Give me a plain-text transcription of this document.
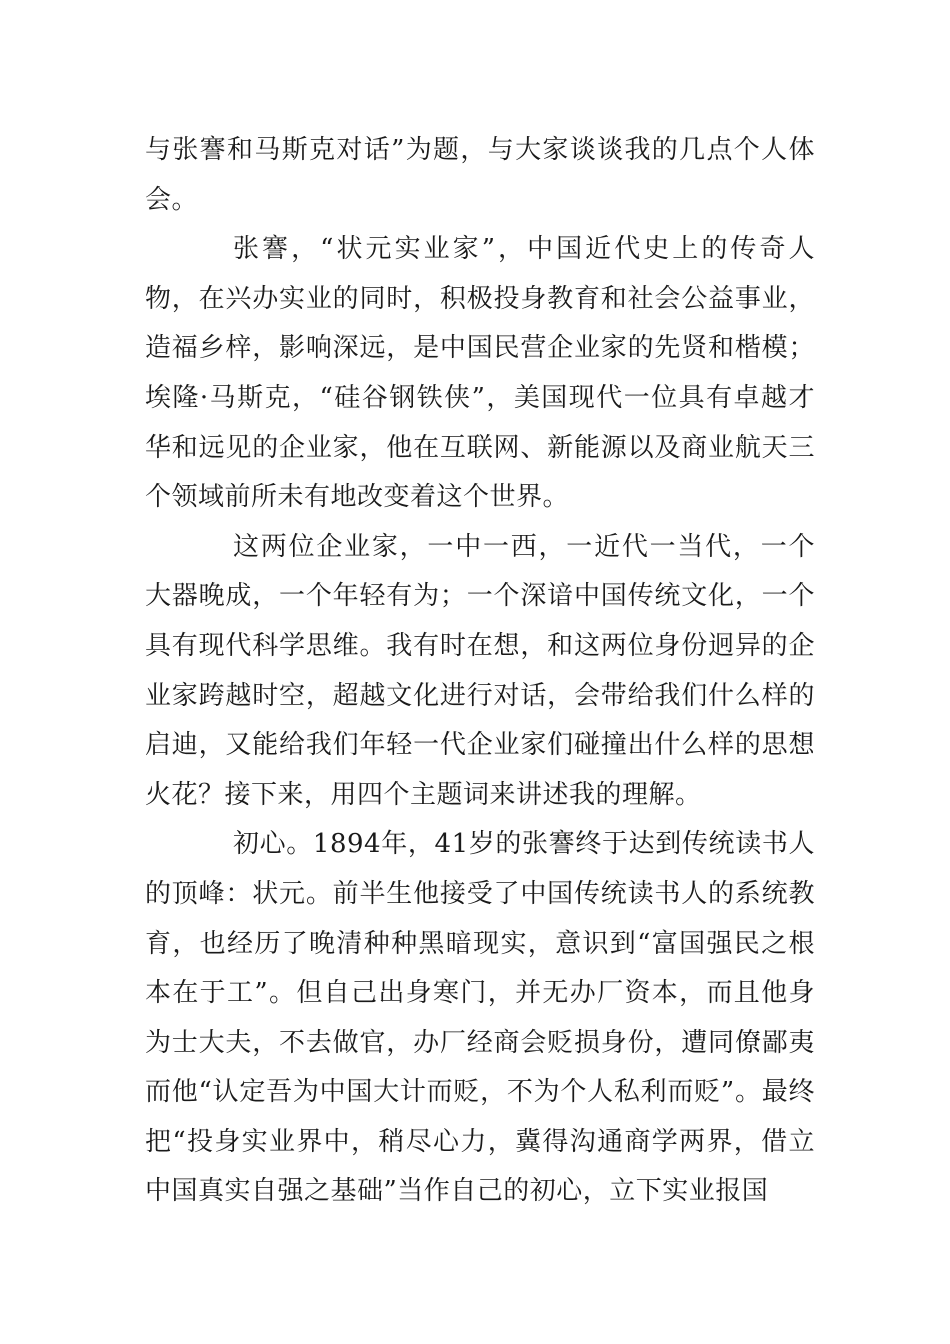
与张謇和马斯克对话”为题，与大家谈谈我的几点个人体会。

张謇，“状元实业家”，中国近代史上的传奇人物，在兴办实业的同时，积极投身教育和社会公益事业，造福乡梓，影响深远，是中国民营企业家的先贤和楷模；埃隆·马斯克，“硅谷钢铁侠”，美国现代一位具有卓越才华和远见的企业家，他在互联网、新能源以及商业航天三个领域前所未有地改变着这个世界。

这两位企业家，一中一西，一近代一当代，一个大器晚成，一个年轻有为；一个深谙中国传统文化，一个具有现代科学思维。我有时在想，和这两位身份迥异的企业家跨越时空，超越文化进行对话，会带给我们什么样的启迪，又能给我们年轻一代企业家们碰撞出什么样的思想火花？接下来，用四个主题词来讲述我的理解。

初心。1894年，41岁的张謇终于达到传统读书人的顶峰：状元。前半生他接受了中国传统读书人的系统教育，也经历了晚清种种黑暗现实，意识到“富国强民之根本在于工”。但自己出身寒门，并无办厂资本，而且他身为士大夫，不去做官，办厂经商会贬损身份，遭同僚鄙夷而他“认定吾为中国大计而贬，不为个人私利而贬”。最终把“投身实业界中，稍尽心力，冀得沟通商学两界，借立中国真实自强之基础”当作自己的初心，立下实业报国
